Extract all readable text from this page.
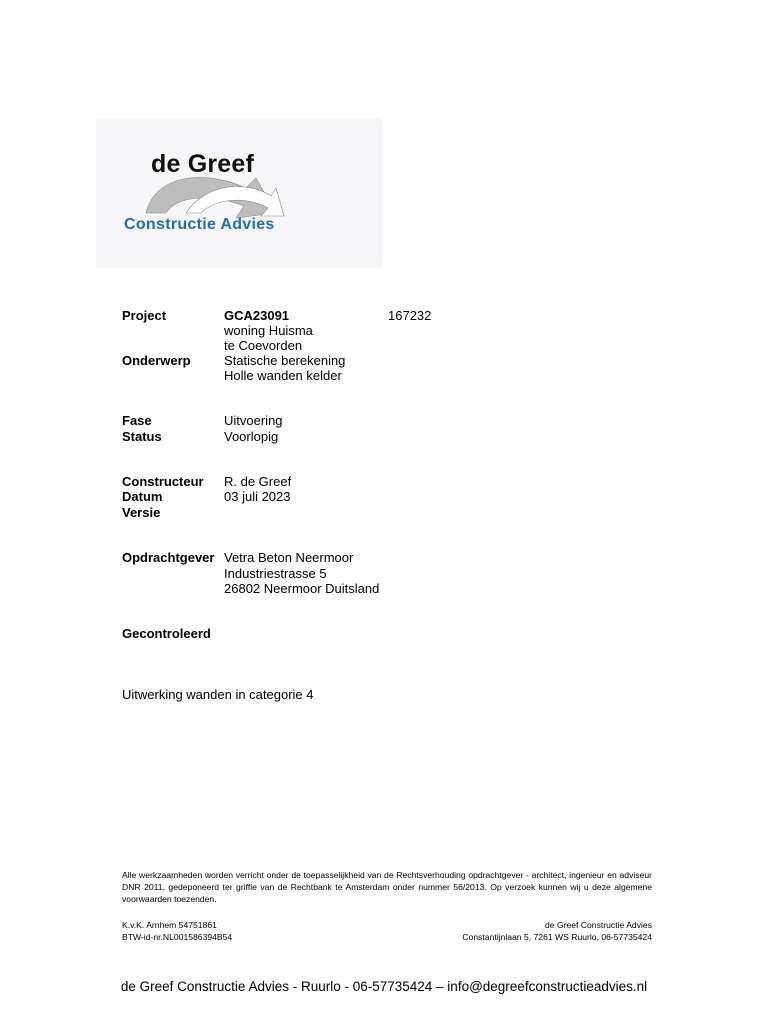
de Greef
Constructie Advies
Project	GCA23091	167232
woning Huisma
te Coevorden
Onderwerp	Statische berekening
Holle wanden kelder
Fase	Uitvoering
Status	Voorlopig
Constructeur R. de Greef
Datum	03 juli 2023
Versie
Opdrachtgever Vetra Beton Neermoor
Industriestrasse 5
26802 Neermoor Duitsland
Gecontroleerd
Uitwerking wanden in categorie 4
Alle werkzaamheden worden verricht onder de toepasselijkheid van de Rechtsverhouding opdrachtgever - architect, ingenieur en adviseur DNR 2011, gedeponeerd ter griffie van de Rechtbank te Amsterdam onder nummer 56/2013. Op verzoek kunnen wij u deze algemene voorwaarden toezenden.
K.v.K. Arnhem 54751861
BTW-id-nr.NL001586394B54
de Greef Constructie Advies
Constantijnlaan 5, 7261 WS Ruurlo, 06-57735424
de Greef Constructie Advies - Ruurlo - 06-57735424 – info@degreefconstructieadvies.nl
